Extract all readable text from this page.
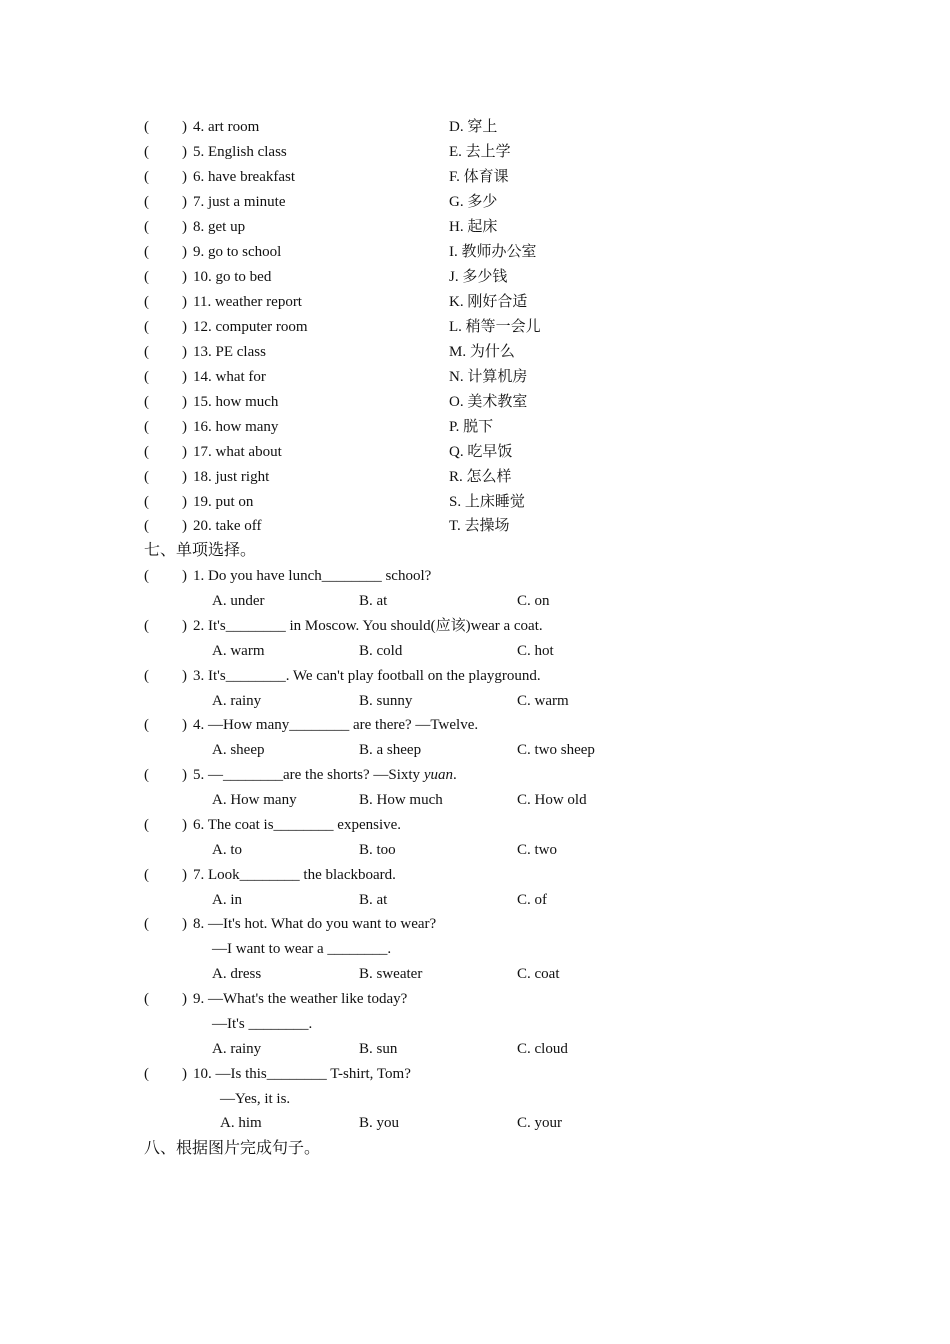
( ) 4. art room	D. 穿上
( ) 5. English class	E. 去上学
( ) 6. have breakfast	F. 体育课
( ) 7. just a minute	G. 多少
( ) 8. get up	H. 起床
( ) 9. go to school	I. 教师办公室
( ) 10. go to bed	J. 多少钱
( ) 11. weather report	K. 刚好合适
( ) 12. computer room	L. 稍等一会儿
( ) 13. PE class	M. 为什么
( ) 14. what for	N. 计算机房
( ) 15. how much	O. 美术教室
( ) 16. how many	P. 脱下
( ) 17. what about	Q. 吃早饭
( ) 18. just right	R. 怎么样
( ) 19. put on	S. 上床睡觉
( ) 20. take off	T. 去操场
七、单项选择。
( ) 1. Do you have lunch________ school?
A. under	B. at	C. on
( ) 2. It's________ in Moscow. You should(应该)wear a coat.
A. warm	B. cold	C. hot
( ) 3. It's________. We can't play football on the playground.
A. rainy	B. sunny	C. warm
( ) 4. —How many________ are there? —Twelve.
A. sheep	B. a sheep	C. two sheep
( ) 5. —________are the shorts? —Sixty yuan.
A. How many	B. How much	C. How old
( ) 6. The coat is________ expensive.
A. to	B. too	C. two
( ) 7. Look________ the blackboard.
A. in	B. at	C. of
( ) 8. —It's hot. What do you want to wear?
—I want to wear a ________.
A. dress	B. sweater	C. coat
( ) 9. —What's the weather like today?
—It's ________.
A. rainy	B. sun	C. cloud
( ) 10. —Is this________ T-shirt, Tom?
—Yes, it is.
A. him	B. you	C. your
八、根据图片完成句子。
